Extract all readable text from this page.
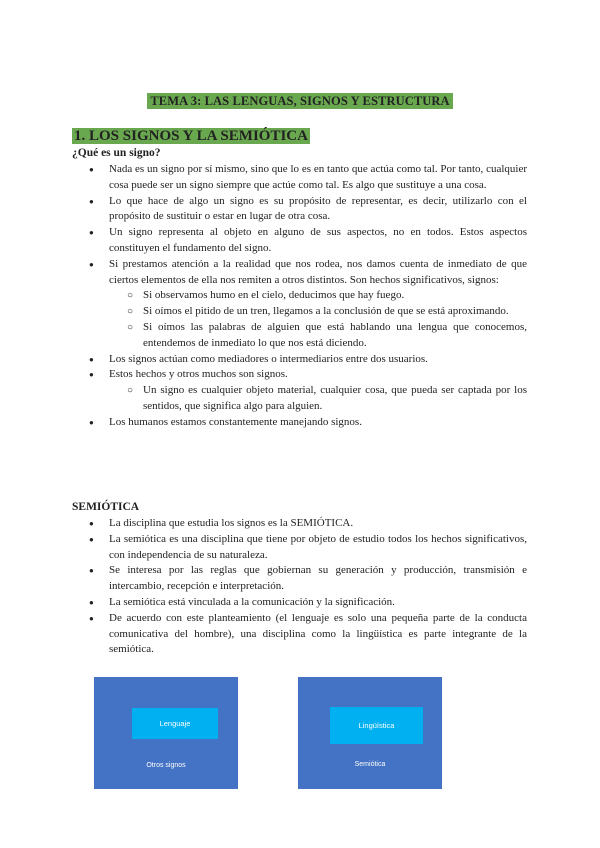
TEMA 3: LAS LENGUAS, SIGNOS Y ESTRUCTURA
1. LOS SIGNOS Y LA SEMIÓTICA
¿Qué es un signo?
● Nada es un signo por sí mismo, sino que lo es en tanto que actúa como tal. Por tanto, cualquier cosa puede ser un signo siempre que actúe como tal. Es algo que sustituye a una cosa.
● Lo que hace de algo un signo es su propósito de representar, es decir, utilizarlo con el propósito de sustituir o estar en lugar de otra cosa.
● Un signo representa al objeto en alguno de sus aspectos, no en todos. Estos aspectos constituyen el fundamento del signo.
● Si prestamos atención a la realidad que nos rodea, nos damos cuenta de inmediato de que ciertos elementos de ella nos remiten a otros distintos. Son hechos significativos, signos:
○ Si observamos humo en el cielo, deducimos que hay fuego.
○ Si oímos el pitido de un tren, llegamos a la conclusión de que se está aproximando.
○ Si oímos las palabras de alguien que está hablando una lengua que conocemos, entendemos de inmediato lo que nos está diciendo.
● Los signos actúan como mediadores o intermediarios entre dos usuarios.
● Estos hechos y otros muchos son signos.
○ Un signo es cualquier objeto material, cualquier cosa, que pueda ser captada por los sentidos, que significa algo para alguien.
● Los humanos estamos constantemente manejando signos.
SEMIÓTICA
● La disciplina que estudia los signos es la SEMIÓTICA.
● La semiótica es una disciplina que tiene por objeto de estudio todos los hechos significativos, con independencia de su naturaleza.
● Se interesa por las reglas que gobiernan su generación y producción, transmisión e intercambio, recepción e interpretación.
● La semiótica está vinculada a la comunicación y la significación.
● De acuerdo con este planteamiento (el lenguaje es solo una pequeña parte de la conducta comunicativa del hombre), una disciplina como la lingüística es parte integrante de la semiótica.
Lenguaje
Otros signos
Lingüística
Semiótica
